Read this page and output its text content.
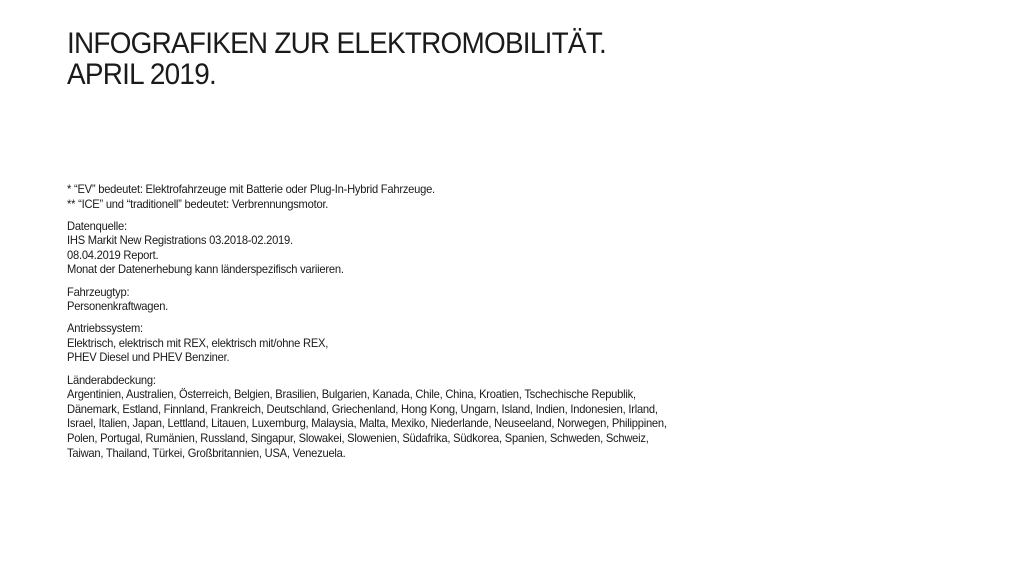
INFOGRAFIKEN ZUR ELEKTROMOBILITÄT.
APRIL 2019.
* “EV” bedeutet: Elektrofahrzeuge mit Batterie oder Plug-In-Hybrid Fahrzeuge.
** “ICE” und “traditionell” bedeutet: Verbrennungsmotor.
Datenquelle:
IHS Markit New Registrations 03.2018-02.2019.
08.04.2019 Report.
Monat der Datenerhebung kann länderspezifisch variieren.
Fahrzeugtyp:
Personenkraftwagen.
Antriebssystem:
Elektrisch, elektrisch mit REX, elektrisch mit/ohne REX,
PHEV Diesel und PHEV Benziner.
Länderabdeckung:
Argentinien, Australien, Österreich, Belgien, Brasilien, Bulgarien, Kanada, Chile, China, Kroatien, Tschechische Republik,
Dänemark, Estland, Finnland, Frankreich, Deutschland, Griechenland, Hong Kong, Ungarn, Island, Indien, Indonesien, Irland,
Israel, Italien, Japan, Lettland, Litauen, Luxemburg, Malaysia, Malta, Mexiko, Niederlande, Neuseeland, Norwegen, Philippinen,
Polen, Portugal, Rumänien, Russland, Singapur, Slowakei, Slowenien, Südafrika, Südkorea, Spanien, Schweden, Schweiz,
Taiwan, Thailand, Türkei, Großbritannien, USA, Venezuela.
